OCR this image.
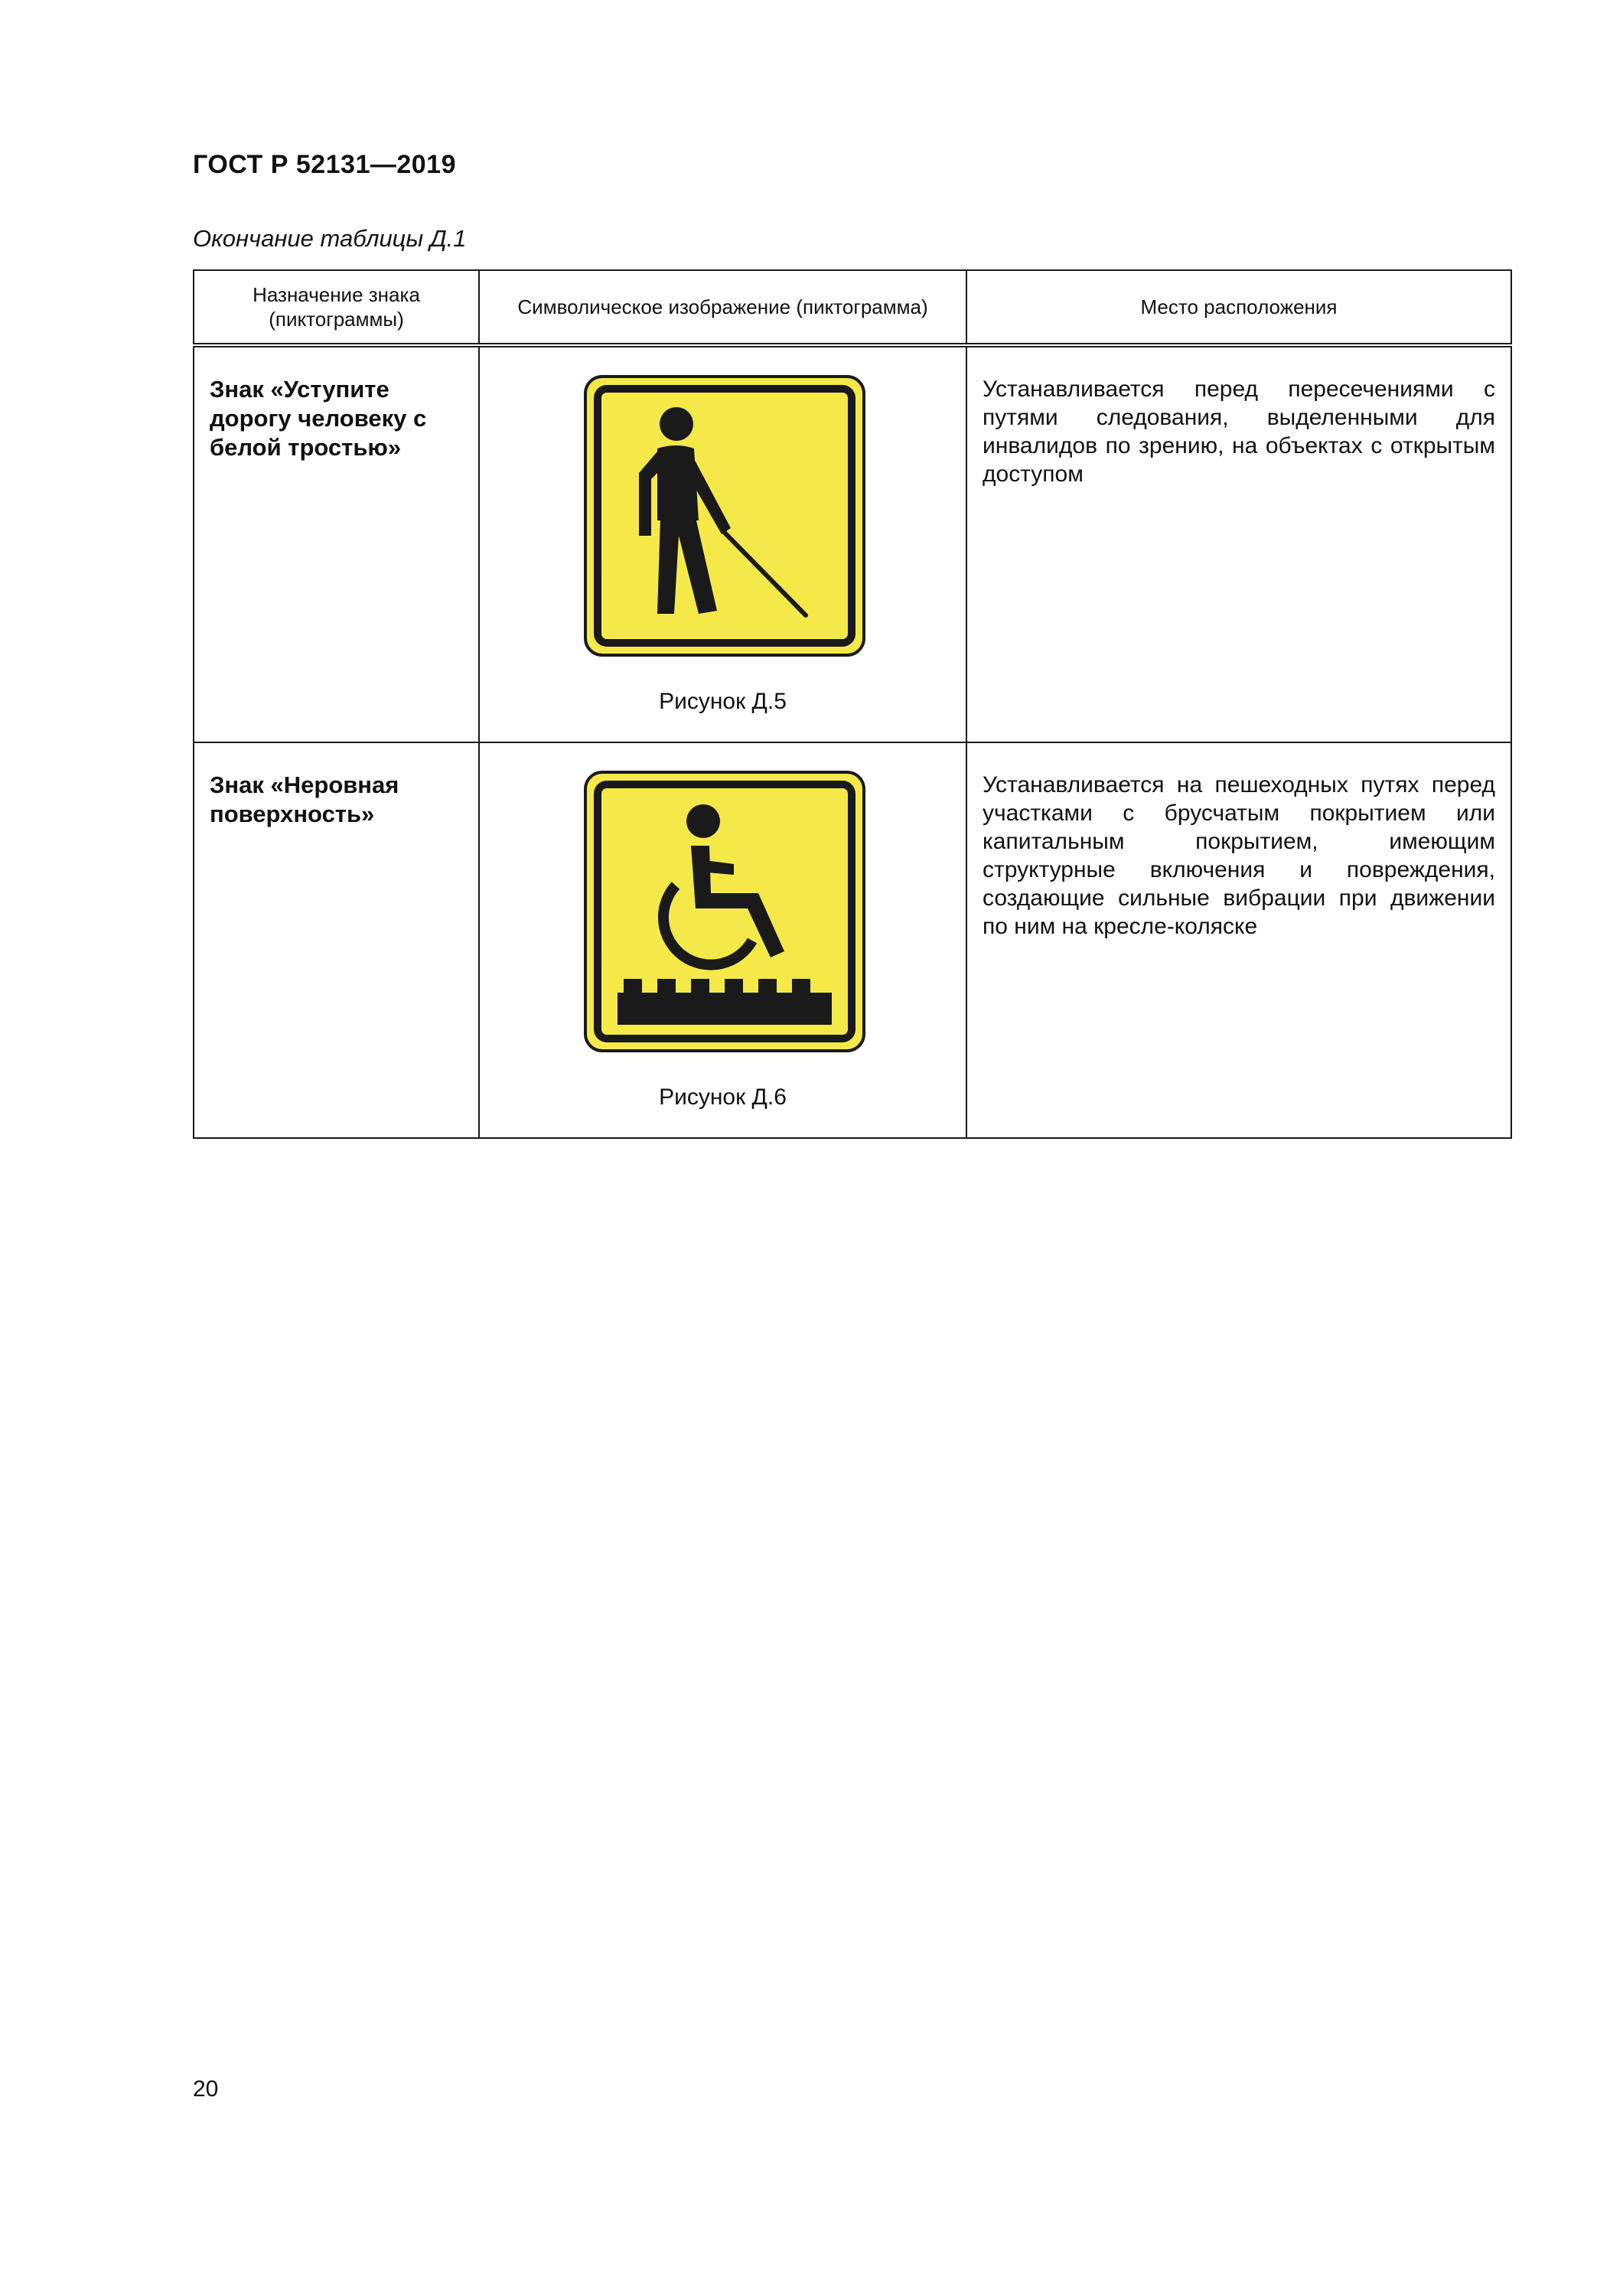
ГОСТ Р 52131—2019
Окончание таблицы Д.1
Назначение знака (пиктограммы)	Символическое изображение (пиктограмма)	Место расположения
Знак «Уступите дорогу человеку с белой тростью»	Рисунок Д.5	Устанавливается перед пересечениями с путями следования, выделенными для инвалидов по зрению, на объектах с открытым доступом
Знак «Неровная поверхность»	Рисунок Д.6	Устанавливается на пешеходных путях перед участками с брусчатым покрытием или капитальным покрытием, имеющим структурные включения и повреждения, создающие сильные вибрации при движении по ним на кресле-коляске
20
